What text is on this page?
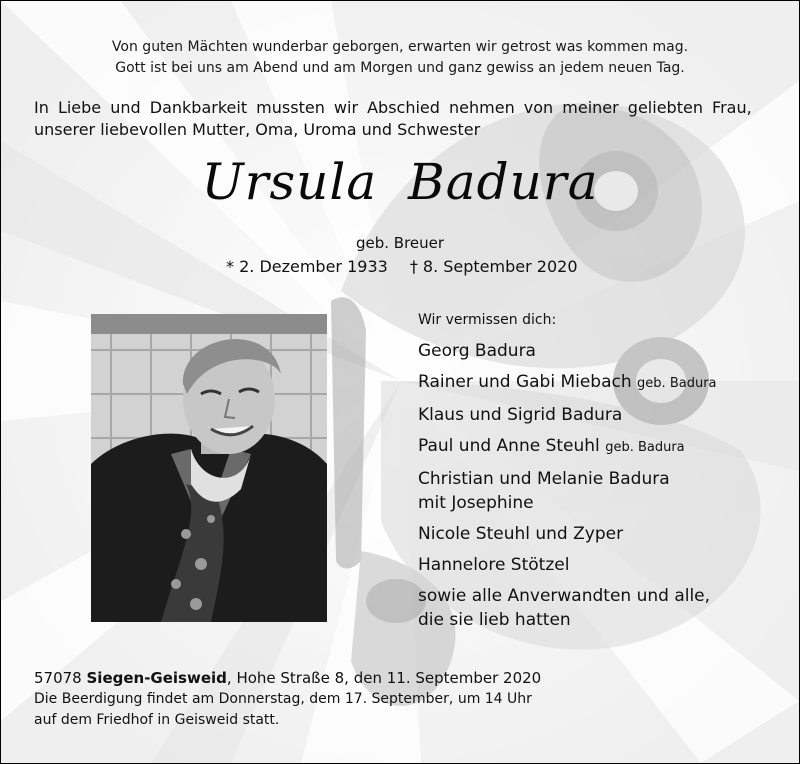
Von guten Mächten wunderbar geborgen, erwarten wir getrost was kommen mag.
Gott ist bei uns am Abend und am Morgen und ganz gewiss an jedem neuen Tag.
In Liebe und Dankbarkeit mussten wir Abschied nehmen von meiner geliebten Frau,
unserer liebevollen Mutter, Oma, Uroma und Schwester
Ursula Badura
geb. Breuer
* 2. Dezember 1933 † 8. September 2020
Wir vermissen dich:
Georg Badura
Rainer und Gabi Miebach geb. Badura
Klaus und Sigrid Badura
Paul und Anne Steuhl geb. Badura
Christian und Melanie Badura
mit Josephine
Nicole Steuhl und Zyper
Hannelore Stötzel
sowie alle Anverwandten und alle,
die sie lieb hatten
57078 Siegen-Geisweid, Hohe Straße 8, den 11. September 2020
Die Beerdigung findet am Donnerstag, dem 17. September, um 14 Uhr
auf dem Friedhof in Geisweid statt.
